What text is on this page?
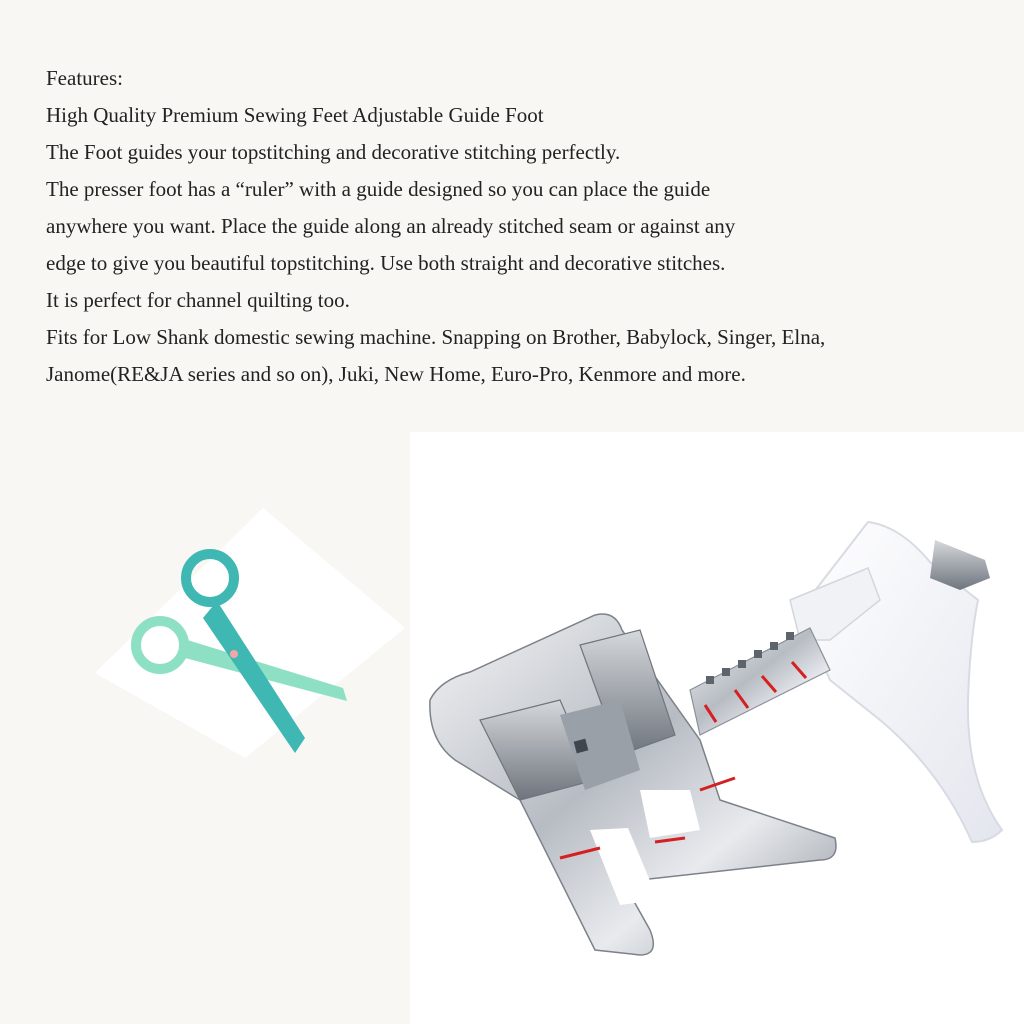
Features:

High Quality Premium Sewing Feet Adjustable Guide Foot

The Foot guides your topstitching and decorative stitching perfectly.

The presser foot has a “ruler” with a guide designed so you can place the guide

anywhere you want. Place the guide along an already stitched seam or against any

edge to give you beautiful topstitching. Use both straight and decorative stitches.

It is perfect for channel quilting too.

Fits for Low Shank domestic sewing machine. Snapping on Brother, Babylock, Singer, Elna,

Janome(RE&JA series and so on), Juki, New Home, Euro-Pro, Kenmore and more.
